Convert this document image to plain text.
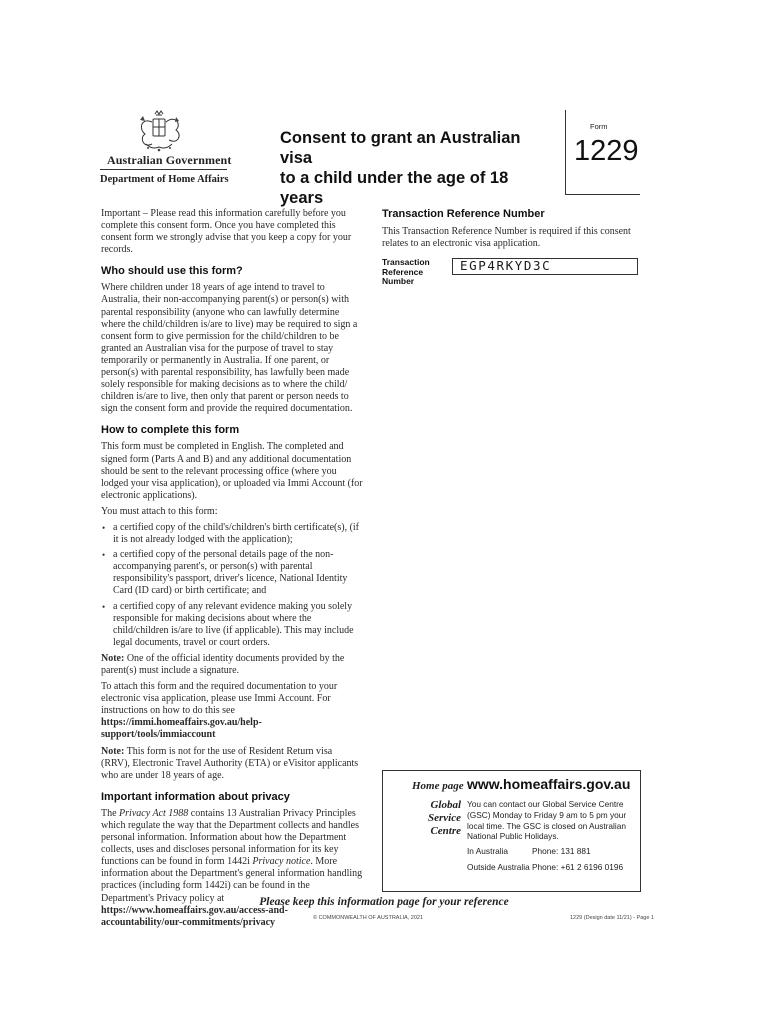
Australian Government
Department of Home Affairs
Consent to grant an Australian visa
to a child under the age of 18 years
Form
1229

Important – Please read this information carefully before you complete this consent form. Once you have completed this consent form we strongly advise that you keep a copy for your records.

Who should use this form?

Where children under 18 years of age intend to travel to Australia, their non-accompanying parent(s) or person(s) with parental responsibility (anyone who can lawfully determine where the child/children is/are to live) may be required to sign a consent form to give permission for the child/children to be granted an Australian visa for the purpose of travel to stay temporarily or permanently in Australia. If one parent, or person(s) with parental responsibility, has lawfully been made solely responsible for making decisions as to where the child/ children is/are to live, then only that parent or person needs to sign the consent form and provide the required documentation.

How to complete this form

This form must be completed in English. The completed and signed form (Parts A and B) and any additional documentation should be sent to the relevant processing office (where you lodged your visa application), or uploaded via Immi Account (for electronic applications).

You must attach to this form:

• a certified copy of the child's/children's birth certificate(s), (if it is not already lodged with the application);
• a certified copy of the personal details page of the non-accompanying parent's, or person(s) with parental responsibility's passport, driver's licence, National Identity Card (ID card) or birth certificate; and
• a certified copy of any relevant evidence making you solely responsible for making decisions about where the child/children is/are to live (if applicable). This may include legal documents, travel or court orders.

Note: One of the official identity documents provided by the parent(s) must include a signature.

To attach this form and the required documentation to your electronic visa application, please use Immi Account. For instructions on how to do this see
https://immi.homeaffairs.gov.au/help-support/tools/immiaccount

Note: This form is not for the use of Resident Return visa (RRV), Electronic Travel Authority (ETA) or eVisitor applicants who are under 18 years of age.

Important information about privacy

The Privacy Act 1988 contains 13 Australian Privacy Principles which regulate the way that the Department collects and handles personal information. Information about how the Department collects, uses and discloses personal information for its key functions can be found in form 1442i Privacy notice. More information about the Department's general information handling practices (including form 1442i) can be found in the Department's Privacy policy at https://www.homeaffairs.gov.au/access-and-accountability/our-commitments/privacy

Transaction Reference Number
This Transaction Reference Number is required if this consent relates to an electronic visa application.
Transaction Reference Number
EGP4RKYD3C
Home page www.homeaffairs.gov.au
Global
Service Centre
You can contact our Global Service Centre (GSC) Monday to Friday 9 am to 5 pm your local time. The GSC is closed on Australian National Public Holidays.
In Australia	Phone: 131 881
Outside Australia Phone: +61 2 6196 0196
Please keep this information page for your reference
© COMMONWEALTH OF AUSTRALIA, 2021	1229 (Design date 11/21) - Page 1
